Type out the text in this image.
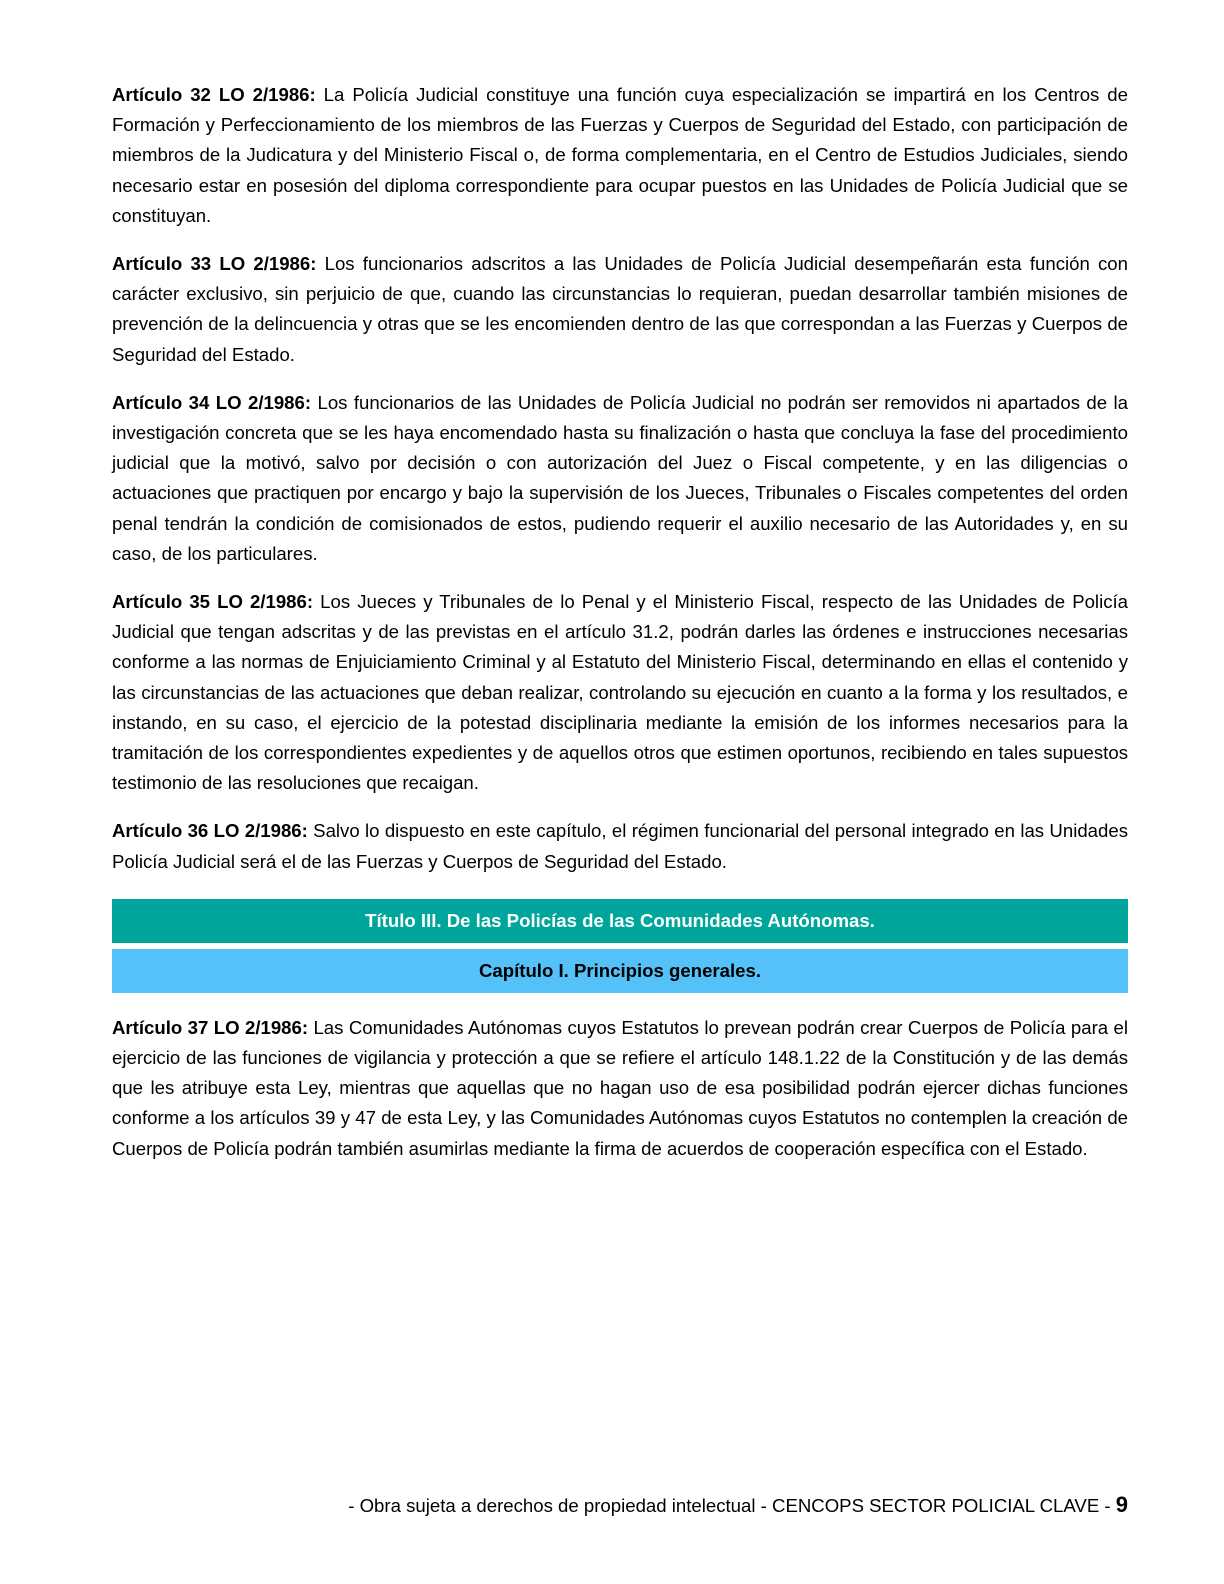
Artículo 32 LO 2/1986: La Policía Judicial constituye una función cuya especialización se impartirá en los Centros de Formación y Perfeccionamiento de los miembros de las Fuerzas y Cuerpos de Seguridad del Estado, con participación de miembros de la Judicatura y del Ministerio Fiscal o, de forma complementaria, en el Centro de Estudios Judiciales, siendo necesario estar en posesión del diploma correspondiente para ocupar puestos en las Unidades de Policía Judicial que se constituyan.

Artículo 33 LO 2/1986: Los funcionarios adscritos a las Unidades de Policía Judicial desempeñarán esta función con carácter exclusivo, sin perjuicio de que, cuando las circunstancias lo requieran, puedan desarrollar también misiones de prevención de la delincuencia y otras que se les encomienden dentro de las que correspondan a las Fuerzas y Cuerpos de Seguridad del Estado.

Artículo 34 LO 2/1986: Los funcionarios de las Unidades de Policía Judicial no podrán ser removidos ni apartados de la investigación concreta que se les haya encomendado hasta su finalización o hasta que concluya la fase del procedimiento judicial que la motivó, salvo por decisión o con autorización del Juez o Fiscal competente, y en las diligencias o actuaciones que practiquen por encargo y bajo la supervisión de los Jueces, Tribunales o Fiscales competentes del orden penal tendrán la condición de comisionados de estos, pudiendo requerir el auxilio necesario de las Autoridades y, en su caso, de los particulares.

Artículo 35 LO 2/1986: Los Jueces y Tribunales de lo Penal y el Ministerio Fiscal, respecto de las Unidades de Policía Judicial que tengan adscritas y de las previstas en el artículo 31.2, podrán darles las órdenes e instrucciones necesarias conforme a las normas de Enjuiciamiento Criminal y al Estatuto del Ministerio Fiscal, determinando en ellas el contenido y las circunstancias de las actuaciones que deban realizar, controlando su ejecución en cuanto a la forma y los resultados, e instando, en su caso, el ejercicio de la potestad disciplinaria mediante la emisión de los informes necesarios para la tramitación de los correspondientes expedientes y de aquellos otros que estimen oportunos, recibiendo en tales supuestos testimonio de las resoluciones que recaigan.

Artículo 36 LO 2/1986: Salvo lo dispuesto en este capítulo, el régimen funcionarial del personal integrado en las Unidades Policía Judicial será el de las Fuerzas y Cuerpos de Seguridad del Estado.

Título III. De las Policías de las Comunidades Autónomas.
Capítulo I. Principios generales.

Artículo 37 LO 2/1986: Las Comunidades Autónomas cuyos Estatutos lo prevean podrán crear Cuerpos de Policía para el ejercicio de las funciones de vigilancia y protección a que se refiere el artículo 148.1.22 de la Constitución y de las demás que les atribuye esta Ley, mientras que aquellas que no hagan uso de esa posibilidad podrán ejercer dichas funciones conforme a los artículos 39 y 47 de esta Ley, y las Comunidades Autónomas cuyos Estatutos no contemplen la creación de Cuerpos de Policía podrán también asumirlas mediante la firma de acuerdos de cooperación específica con el Estado.

- Obra sujeta a derechos de propiedad intelectual - CENCOPS SECTOR POLICIAL CLAVE - 9
